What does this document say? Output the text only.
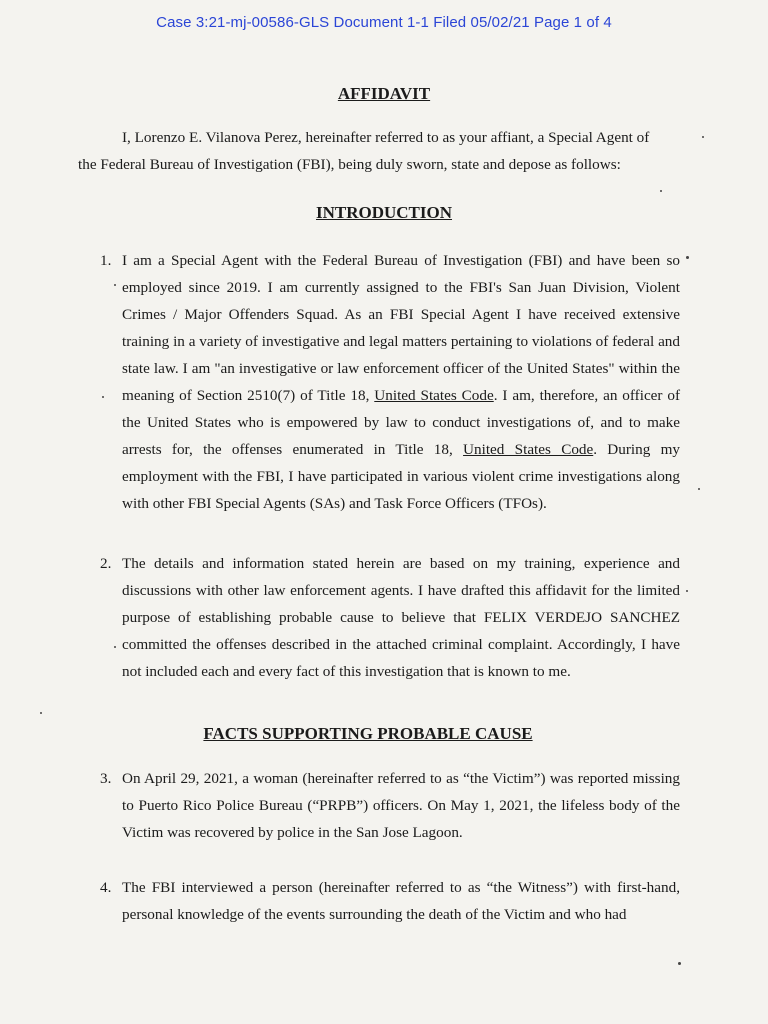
Case 3:21-mj-00586-GLS Document 1-1 Filed 05/02/21 Page 1 of 4
AFFIDAVIT
I, Lorenzo E. Vilanova Perez, hereinafter referred to as your affiant, a Special Agent of the Federal Bureau of Investigation (FBI), being duly sworn, state and depose as follows:
INTRODUCTION
1. I am a Special Agent with the Federal Bureau of Investigation (FBI) and have been so employed since 2019. I am currently assigned to the FBI's San Juan Division, Violent Crimes / Major Offenders Squad. As an FBI Special Agent I have received extensive training in a variety of investigative and legal matters pertaining to violations of federal and state law. I am "an investigative or law enforcement officer of the United States" within the meaning of Section 2510(7) of Title 18, United States Code. I am, therefore, an officer of the United States who is empowered by law to conduct investigations of, and to make arrests for, the offenses enumerated in Title 18, United States Code. During my employment with the FBI, I have participated in various violent crime investigations along with other FBI Special Agents (SAs) and Task Force Officers (TFOs).
2. The details and information stated herein are based on my training, experience and discussions with other law enforcement agents. I have drafted this affidavit for the limited purpose of establishing probable cause to believe that FELIX VERDEJO SANCHEZ committed the offenses described in the attached criminal complaint. Accordingly, I have not included each and every fact of this investigation that is known to me.
FACTS SUPPORTING PROBABLE CAUSE
3. On April 29, 2021, a woman (hereinafter referred to as “the Victim”) was reported missing to Puerto Rico Police Bureau (“PRPB”) officers. On May 1, 2021, the lifeless body of the Victim was recovered by police in the San Jose Lagoon.
4. The FBI interviewed a person (hereinafter referred to as “the Witness”) with first-hand, personal knowledge of the events surrounding the death of the Victim and who had
